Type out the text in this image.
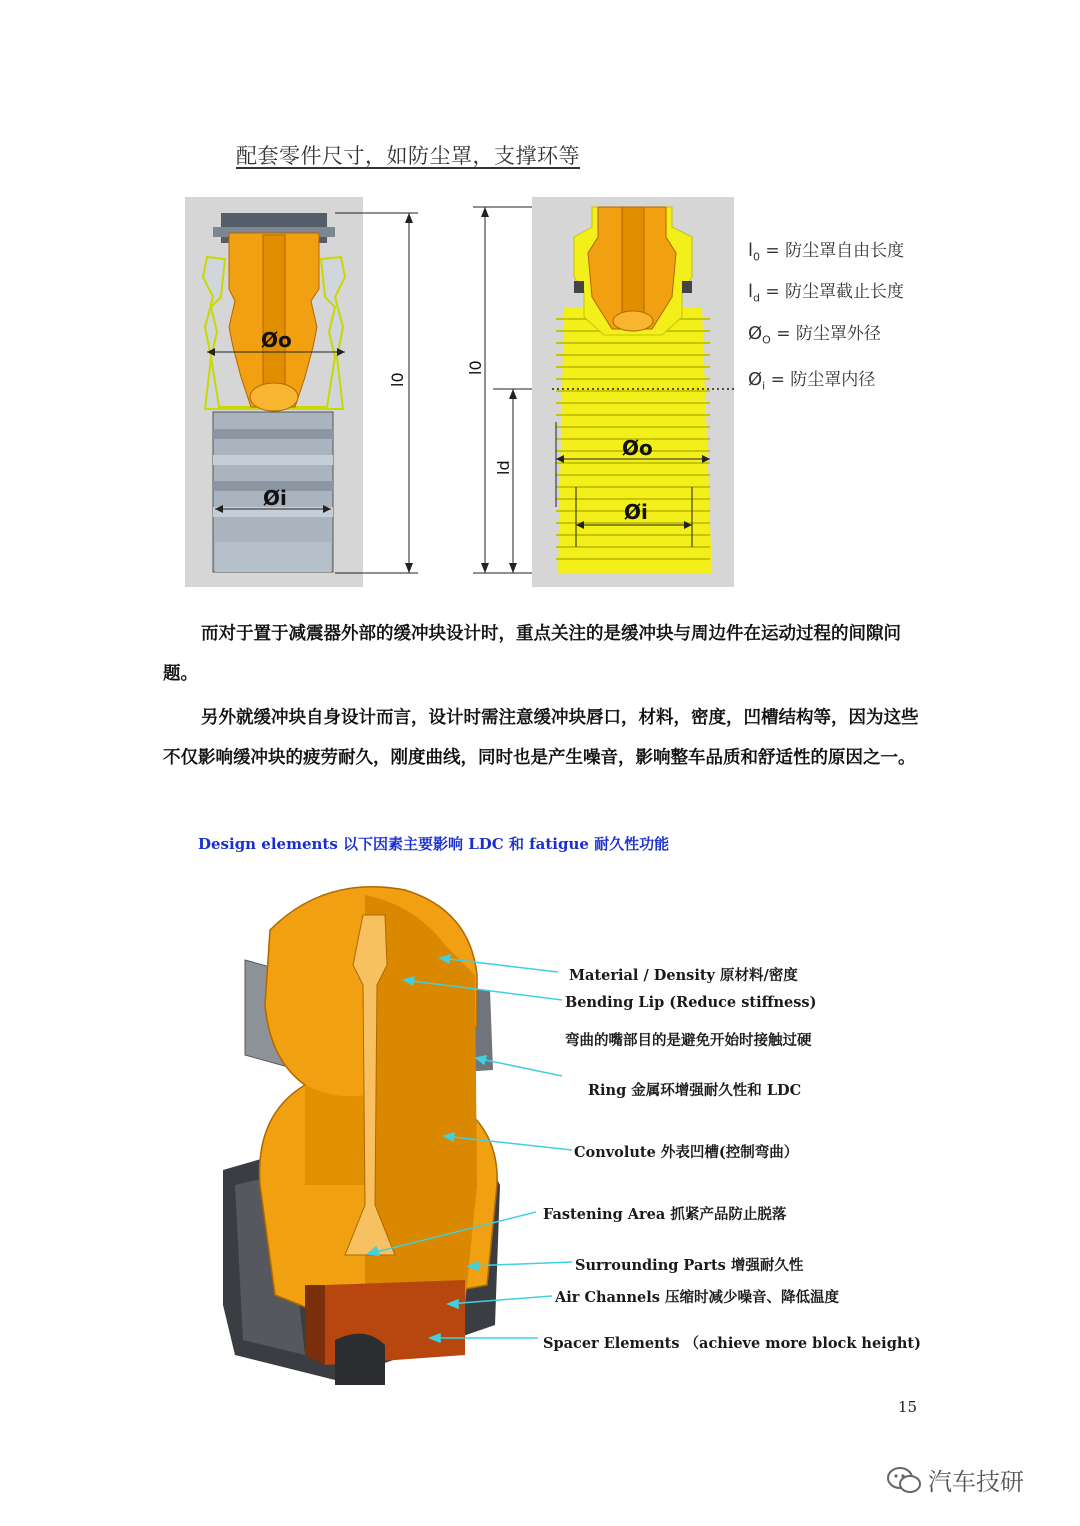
配套零件尺寸，如防尘罩，支撑环等
Øo
Øi
l0
l0
ld
Øo
Øi
$l_0$ = 防尘罩自由长度
$l_d$ = 防尘罩截止长度
$Ø_O$ = 防尘罩外径
$Ø_i$ = 防尘罩内径

而对于置于减震器外部的缓冲块设计时，重点关注的是缓冲块与周边件在运动过程的间隙问题。

另外就缓冲块自身设计而言，设计时需注意缓冲块唇口，材料，密度，凹槽结构等，因为这些不仅影响缓冲块的疲劳耐久，刚度曲线，同时也是产生噪音，影响整车品质和舒适性的原因之一。

Design elements 以下因素主要影响 LDC 和 fatigue 耐久性功能
Material / Density 原材料/密度
Bending Lip (Reduce stiffness)
弯曲的嘴部目的是避免开始时接触过硬
Ring 金属环增强耐久性和 LDC
Convolute 外表凹槽(控制弯曲）
Fastening Area 抓紧产品防止脱落
Surrounding Parts 增强耐久性
Air Channels 压缩时减少噪音、降低温度
Spacer Elements （achieve more block height)
15
汽车技研
